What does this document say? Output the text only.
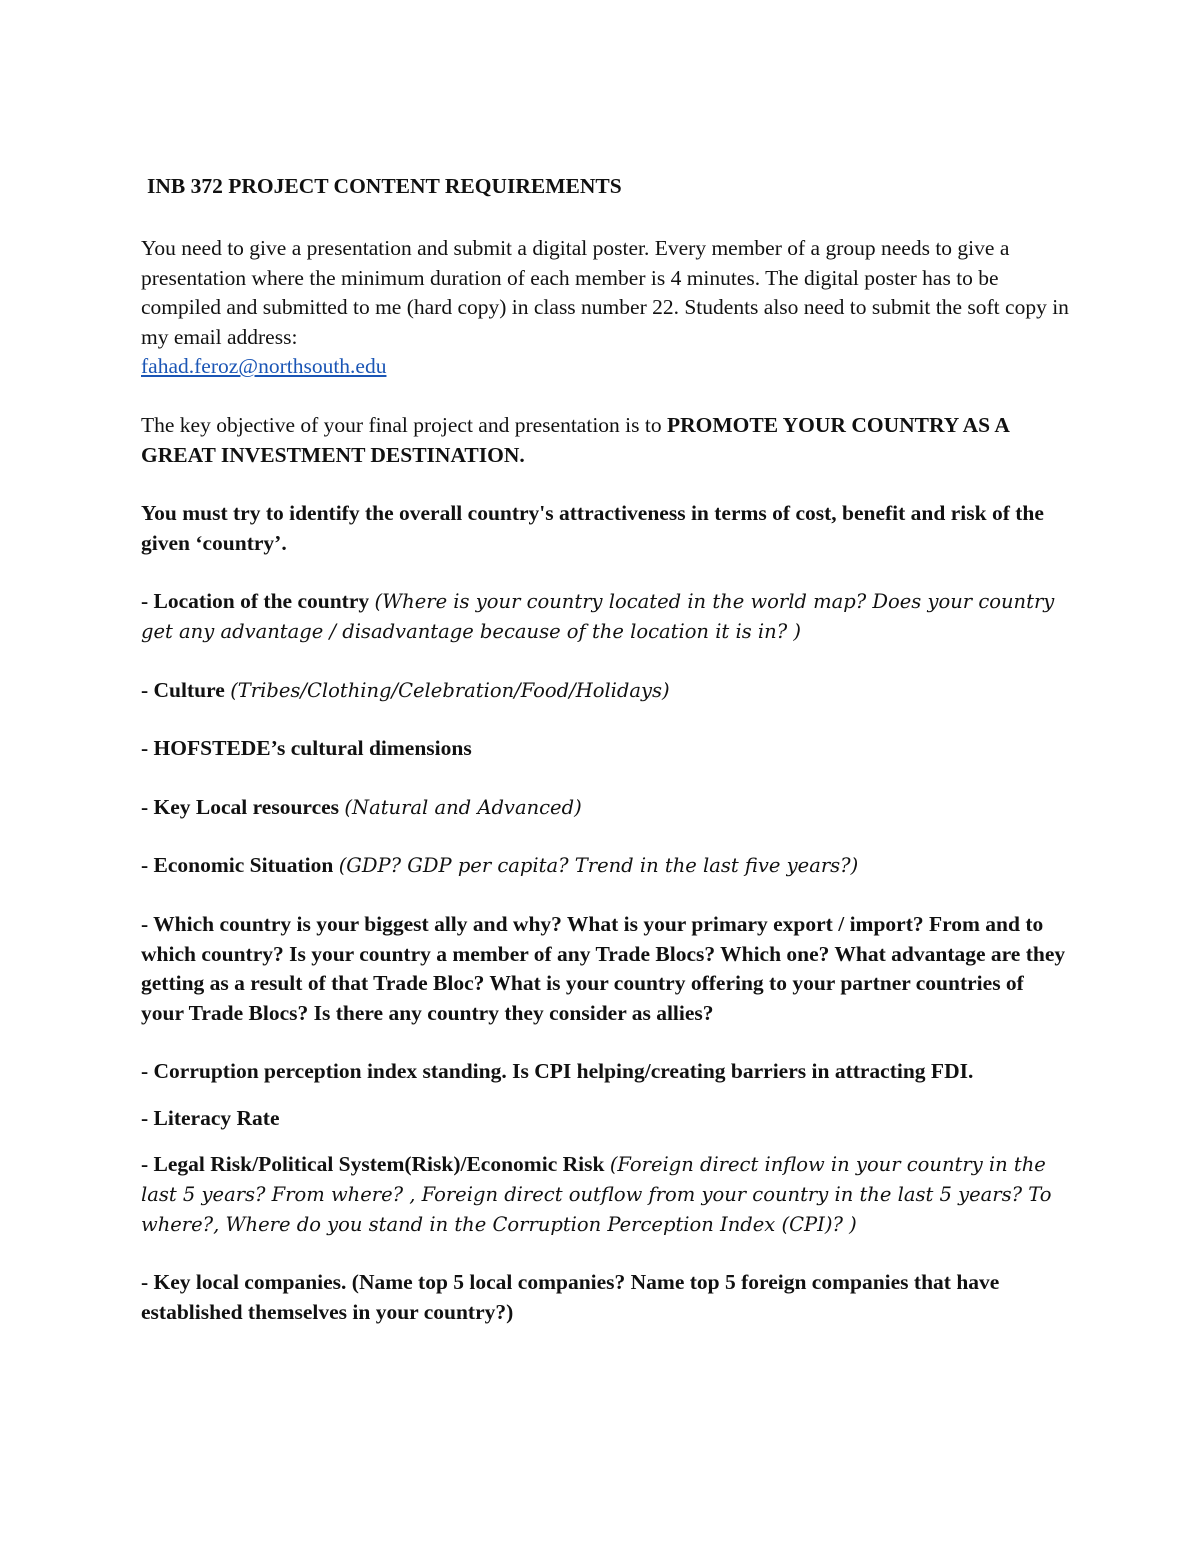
INB 372 PROJECT CONTENT REQUIREMENTS
You need to give a presentation and submit a digital poster. Every member of a group needs to give a presentation where the minimum duration of each member is 4 minutes. The digital poster has to be compiled and submitted to me (hard copy) in class number 22. Students also need to submit the soft copy in my email address:
fahad.feroz@northsouth.edu
The key objective of your final project and presentation is to PROMOTE YOUR COUNTRY AS A GREAT INVESTMENT DESTINATION.
You must try to identify the overall country's attractiveness in terms of cost, benefit and risk of the given ‘country’.
- Location of the country (Where is your country located in the world map? Does your country get any advantage / disadvantage because of the location it is in? )
- Culture (Tribes/Clothing/Celebration/Food/Holidays)
- HOFSTEDE’s cultural dimensions
- Key Local resources (Natural and Advanced)
- Economic Situation (GDP? GDP per capita? Trend in the last five years?)
- Which country is your biggest ally and why? What is your primary export / import? From and to which country? Is your country a member of any Trade Blocs? Which one? What advantage are they getting as a result of that Trade Bloc? What is your country offering to your partner countries of your Trade Blocs? Is there any country they consider as allies?
- Corruption perception index standing. Is CPI helping/creating barriers in attracting FDI.
- Literacy Rate
- Legal Risk/Political System(Risk)/Economic Risk (Foreign direct inflow in your country in the last 5 years? From where? , Foreign direct outflow from your country in the last 5 years? To where?, Where do you stand in the Corruption Perception Index (CPI)? )
- Key local companies. (Name top 5 local companies? Name top 5 foreign companies that have established themselves in your country?)
